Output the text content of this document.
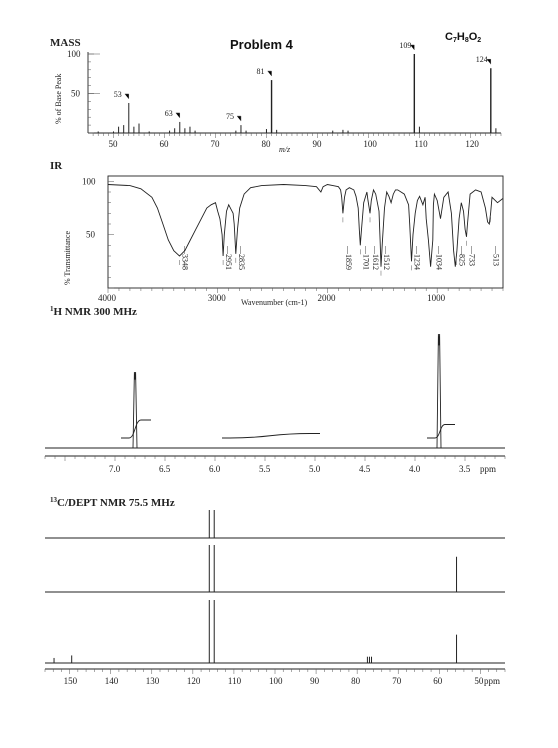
Problem 4	C7H8O2
MASS
IR
$^1$H NMR 300 MHz
$^{13}$C/DEPT NMR 75.5 MHz
% of Base Peak
m/z
% Transmittance
Wavenumber (cm-1)
50	60	70	80	90	100	110	120
100
50	53
63	75
81
109
124
4000	3000	2000	1000
100
50
—3348	—2951 —2835	—1859 —1701 —1612 —1512	—1234 —1034 —825 —733 —513
7.0	6.5	6.0	5.5	5.0	4.5	4.0	3.5 ppm
150	140	130	120	110	100	90	80	70	60	50 ppm
